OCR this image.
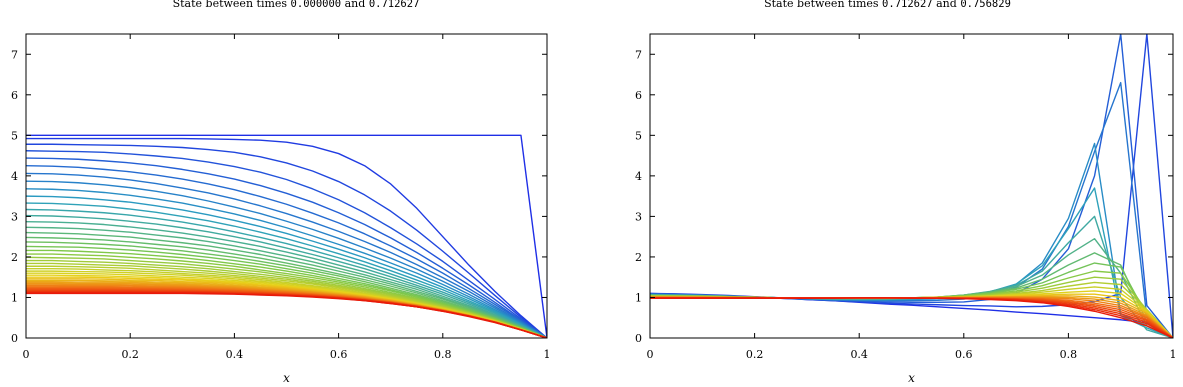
State between times 0.000000 and 0.712627
0	0.2	0.4	0.6	0.8	1
0
1
2
3
4
5
6
7
x
State between times 0.712627 and 0.756829
0	0.2	0.4	0.6	0.8	1
0
1
2
3
4
5
6
7
x
